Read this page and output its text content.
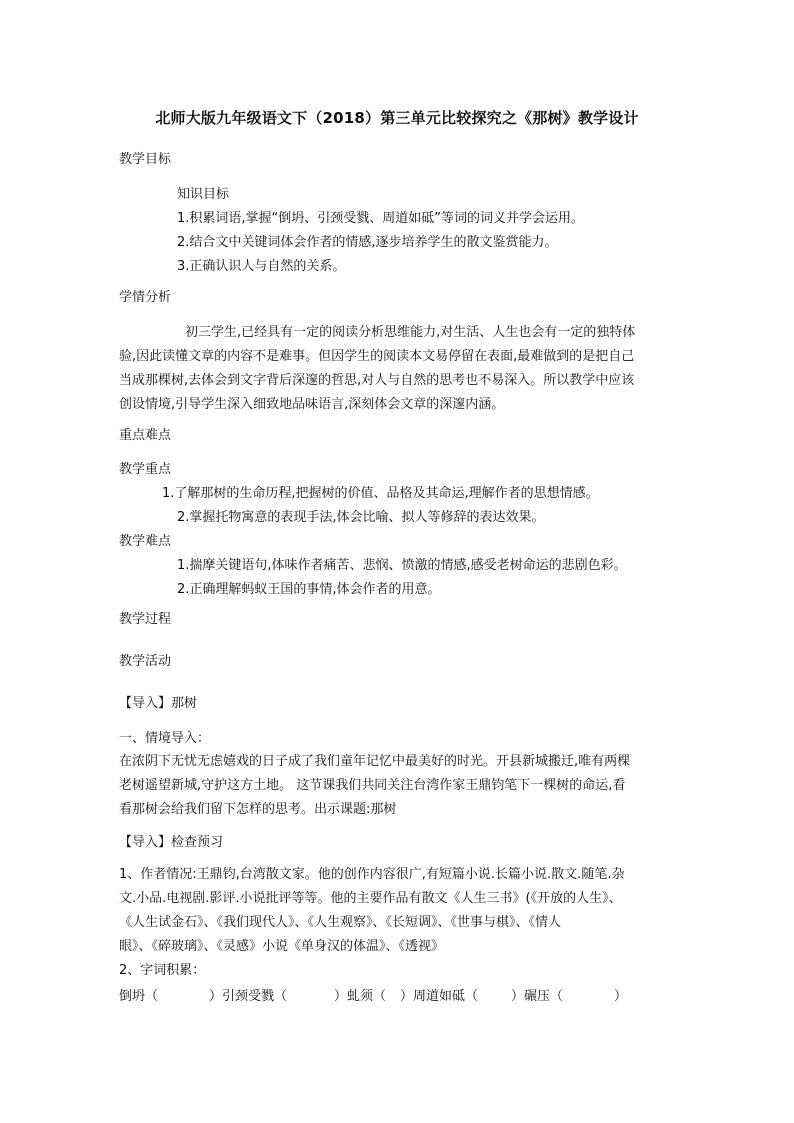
北师大版九年级语文下（2018）第三单元比较探究之《那树》教学设计
教学目标
知识目标
1.积累词语,掌握“倒坍、引颈受戮、周道如砥”等词的词义并学会运用。
2.结合文中关键词体会作者的情感,逐步培养学生的散文鉴赏能力。
3.正确认识人与自然的关系。
学情分析
初三学生,已经具有一定的阅读分析思维能力,对生活、人生也会有一定的独特体
验,因此读懂文章的内容不是难事。但因学生的阅读本文易停留在表面,最难做到的是把自己
当成那棵树,去体会到文字背后深邃的哲思,对人与自然的思考也不易深入。所以教学中应该
创设情境,引导学生深入细致地品味语言,深刻体会文章的深邃内涵。
重点难点
教学重点
1.了解那树的生命历程,把握树的价值、品格及其命运,理解作者的思想情感。
2.掌握托物寓意的表现手法,体会比喻、拟人等修辞的表达效果。
教学难点
1.揣摩关键语句,体味作者痛苦、悲悯、愤激的情感,感受老树命运的悲剧色彩。
2.正确理解蚂蚁王国的事情,体会作者的用意。
教学过程
教学活动
【导入】那树
一、情境导入：
在浓阴下无忧无虑嬉戏的日子成了我们童年记忆中最美好的时光。开县新城搬迁,唯有两棵
老树遥望新城,守护这方土地。 这节课我们共同关注台湾作家王鼎钧笔下一棵树的命运,看
看那树会给我们留下怎样的思考。出示课题:那树
【导入】检查预习
1、作者情况:王鼎钧,台湾散文家。他的创作内容很广,有短篇小说.长篇小说.散文.随笔.杂
文.小品.电视剧.影评.小说批评等等。他的主要作品有散文《人生三书》(《开放的人生》、
《人生试金石》、《我们现代人》、《人生观察》、《长短调》、《世事与棋》、《情人
眼》、《碎玻璃》、《灵感》小说《单身汉的体温》、《透视》
2、字词积累：
倒坍（	）引颈受戮（	）虬须（ ）周道如砥（	）碾压（	）
